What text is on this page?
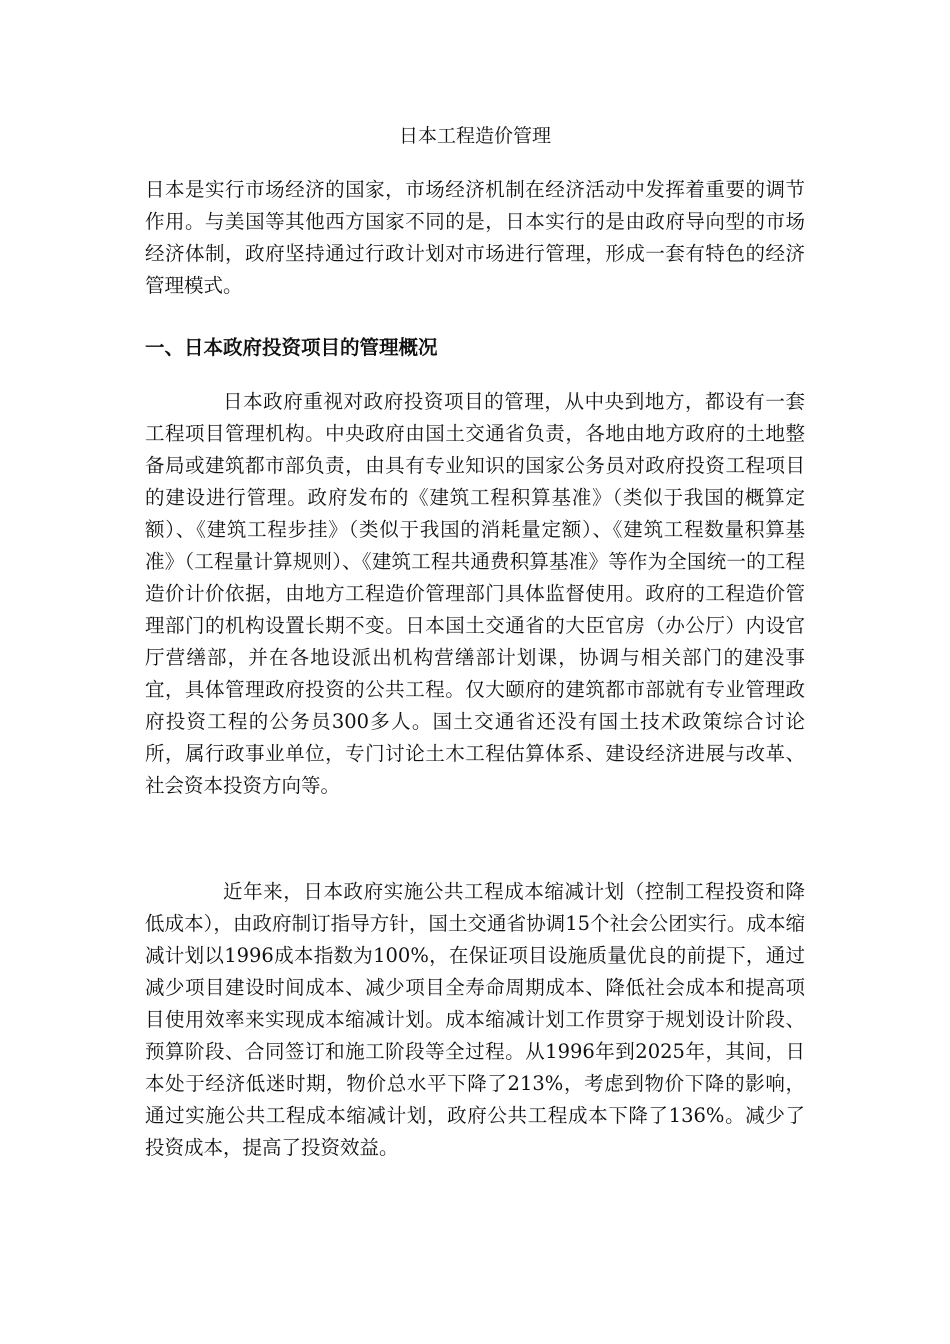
日本工程造价管理

日本是实行市场经济的国家，市场经济机制在经济活动中发挥着重要的调节作用。与美国等其他西方国家不同的是，日本实行的是由政府导向型的市场经济体制，政府坚持通过行政计划对市场进行管理，形成一套有特色的经济管理模式。

一、日本政府投资项目的管理概况

日本政府重视对政府投资项目的管理，从中央到地方，都设有一套工程项目管理机构。中央政府由国土交通省负责，各地由地方政府的土地整备局或建筑都市部负责，由具有专业知识的国家公务员对政府投资工程项目的建设进行管理。政府发布的《建筑工程积算基准》（类似于我国的概算定额）、《建筑工程步挂》（类似于我国的消耗量定额）、《建筑工程数量积算基准》（工程量计算规则）、《建筑工程共通费积算基准》等作为全国统一的工程造价计价依据，由地方工程造价管理部门具体监督使用。政府的工程造价管理部门的机构设置长期不变。日本国土交通省的大臣官房（办公厅）内设官厅营缮部，并在各地设派出机构营缮部计划课，协调与相关部门的建没事宜，具体管理政府投资的公共工程。仅大颐府的建筑都市部就有专业管理政府投资工程的公务员300多人。国土交通省还没有国土技术政策综合讨论所，属行政事业单位，专门讨论土木工程估算体系、建设经济进展与改革、社会资本投资方向等。

近年来，日本政府实施公共工程成本缩减计划（控制工程投资和降低成本），由政府制订指导方针，国土交通省协调15个社会公团实行。成本缩减计划以1996成本指数为100%，在保证项目设施质量优良的前提下，通过减少项目建设时间成本、减少项目全寿命周期成本、降低社会成本和提高项目使用效率来实现成本缩减计划。成本缩减计划工作贯穿于规划设计阶段、预算阶段、合同签订和施工阶段等全过程。从1996年到2025年，其间，日本处于经济低迷时期，物价总水平下降了213%，考虑到物价下降的影响，通过实施公共工程成本缩减计划，政府公共工程成本下降了136%。减少了投资成本，提高了投资效益。
